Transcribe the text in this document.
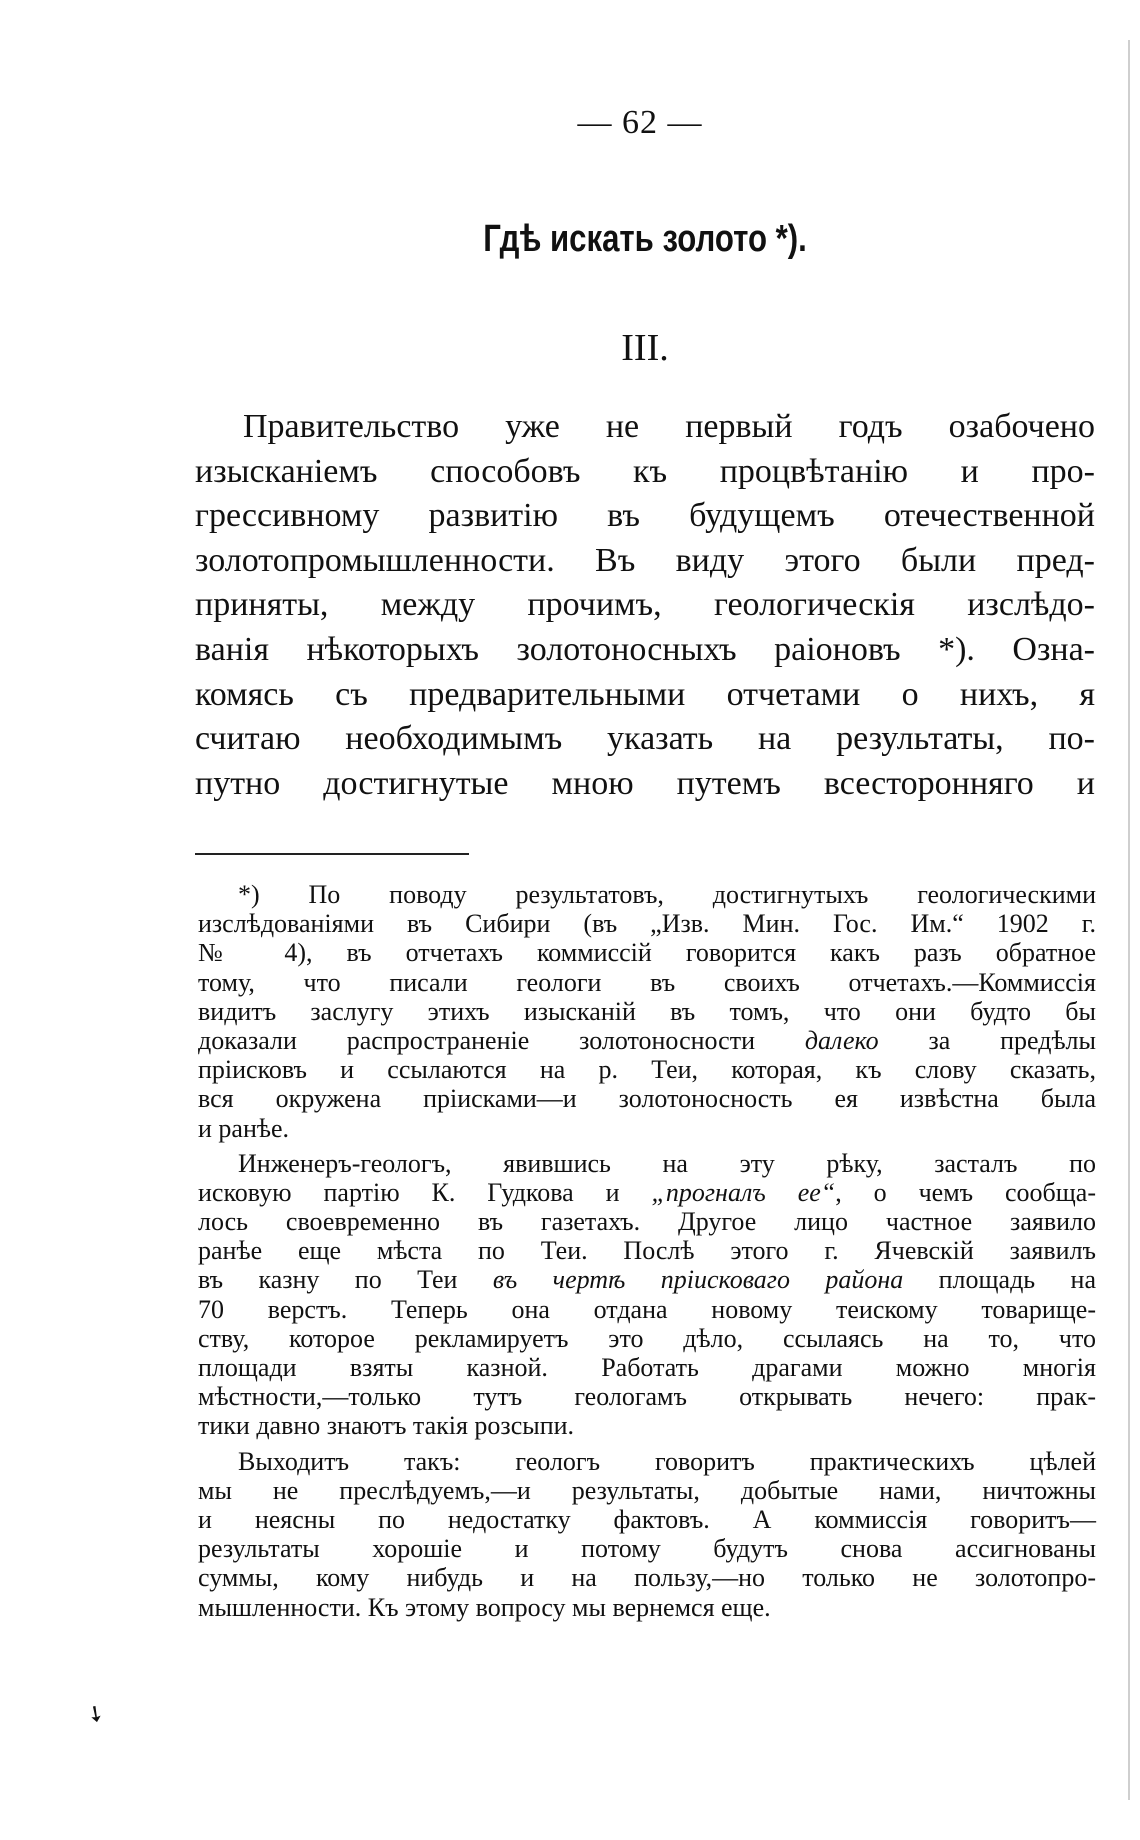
— 62 —
Гдѣ искать золото *).
III.
Правительство уже не первый годъ озабочено
изысканіемъ способовъ къ процвѣтанію и про-
грессивному развитію въ будущемъ отечественной
золотопромышленности. Въ виду этого были пред-
приняты, между прочимъ, геологическія изслѣдо-
ванія нѣкоторыхъ золотоносныхъ раіоновъ *). Озна-
комясь съ предварительными отчетами о нихъ, я
считаю необходимымъ указать на результаты, по-
путно достигнутые мною путемъ всесторонняго и
*) По поводу результатовъ, достигнутыхъ геологическими
изслѣдованіями въ Сибири (въ „Изв. Мин. Гос. Им.“ 1902 г.
№ 4), въ отчетахъ коммиссій говорится какъ разъ обратное
тому, что писали геологи въ своихъ отчетахъ.—Коммиссія
видитъ заслугу этихъ изысканій въ томъ, что они будто бы
доказали распространеніе золотоносности далеко за предѣлы
пріисковъ и ссылаются на р. Теи, которая, къ слову сказать,
вся окружена пріисками—и золотоносность ея извѣстна была
и ранѣе.
Инженеръ-геологъ, явившись на эту рѣку, засталъ по
исковую партію К. Гудкова и „прогналъ ее“, о чемъ сообща-
лось своевременно въ газетахъ. Другое лицо частное заявило
ранѣе еще мѣста по Теи. Послѣ этого г. Ячевскій заявилъ
въ казну по Теи въ чертѣ пріисковаго района площадь на
70 верстъ. Теперь она отдана новому теискому товарище-
ству, которое рекламируетъ это дѣло, ссылаясь на то, что
площади взяты казной. Работать драгами можно многія
мѣстности,—только тутъ геологамъ открывать нечего: прак-
тики давно знаютъ такія розсыпи.
Выходитъ такъ: геологъ говоритъ практическихъ цѣлей
мы не преслѣдуемъ,—и результаты, добытые нами, ничтожны
и неясны по недостатку фактовъ. А коммиссія говоритъ—
результаты хорошіе и потому будутъ снова ассигнованы
суммы, кому нибудь и на пользу,—но только не золотопро-
мышленности. Къ этому вопросу мы вернемся еще.
➘
